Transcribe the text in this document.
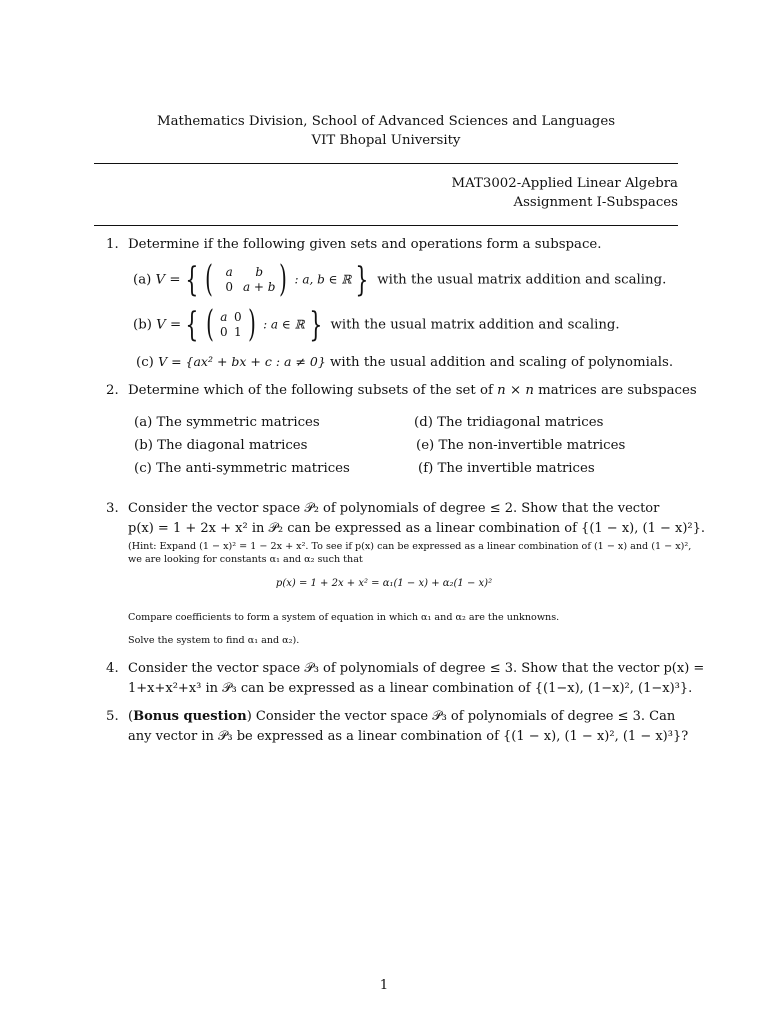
Mathematics Division, School of Advanced Sciences and Languages
VIT Bhopal University
MAT3002-Applied Linear Algebra
Assignment I-Subspaces
1. Determine if the following given sets and operations form a subspace.
(a) V = { (	a	b
0 a + b ) : a, b ∈ ℝ } with the usual matrix addition and scaling.
(b) V = { ( a 0
0 1 ) : a ∈ ℝ } with the usual matrix addition and scaling.
(c) V = {ax² + bx + c : a ≠ 0} with the usual addition and scaling of polynomials.
2. Determine which of the following subsets of the set of n × n matrices are subspaces
(a) The symmetric matrices
(b) The diagonal matrices
(c) The anti-symmetric matrices
(d) The tridiagonal matrices
(e) The non-invertible matrices
(f) The invertible matrices
3. Consider the vector space 𝒫₂ of polynomials of degree ≤ 2. Show that the vector
p(x) = 1 + 2x + x² in 𝒫₂ can be expressed as a linear combination of {(1 − x), (1 − x)²}.
(Hint: Expand (1 − x)² = 1 − 2x + x². To see if p(x) can be expressed as a linear combination of (1 − x) and (1 − x)²,
we are looking for constants α₁ and α₂ such that
p(x) = 1 + 2x + x² = α₁(1 − x) + α₂(1 − x)²
Compare coefficients to form a system of equation in which α₁ and α₂ are the unknowns.
Solve the system to find α₁ and α₂).
4. Consider the vector space 𝒫₃ of polynomials of degree ≤ 3. Show that the vector p(x) =
1+x+x²+x³ in 𝒫₃ can be expressed as a linear combination of {(1−x), (1−x)², (1−x)³}.
5. (Bonus question) Consider the vector space 𝒫₃ of polynomials of degree ≤ 3. Can
any vector in 𝒫₃ be expressed as a linear combination of {(1 − x), (1 − x)², (1 − x)³}?
1
